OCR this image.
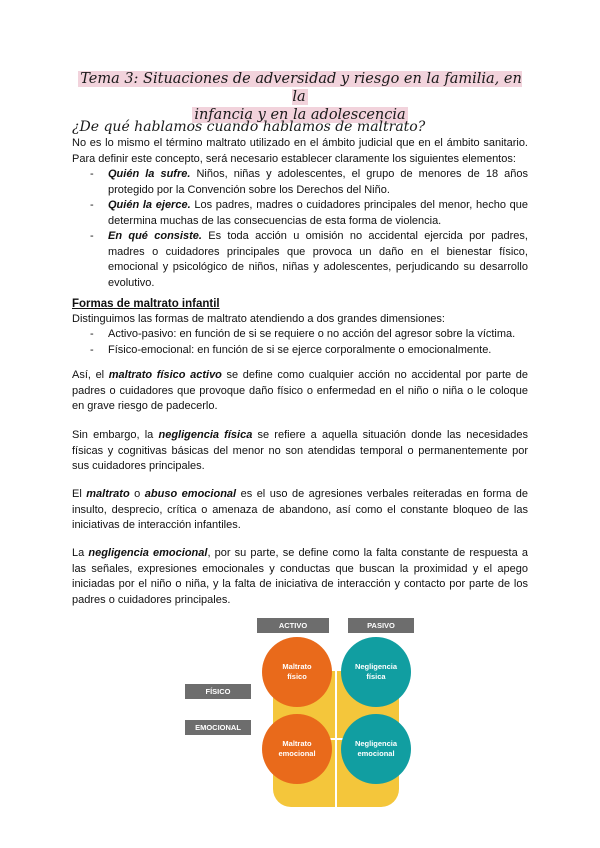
Tema 3: Situaciones de adversidad y riesgo en la familia, en la
infancia y en la adolescencia
¿De qué hablamos cuando hablamos de maltrato?

No es lo mismo el término maltrato utilizado en el ámbito judicial que en el ámbito sanitario. Para definir este concepto, será necesario establecer claramente los siguientes elementos:

- Quién la sufre. Niños, niñas y adolescentes, el grupo de menores de 18 años protegido por la Convención sobre los Derechos del Niño.
- Quién la ejerce. Los padres, madres o cuidadores principales del menor, hecho que determina muchas de las consecuencias de esta forma de violencia.
- En qué consiste. Es toda acción u omisión no accidental ejercida por padres, madres o cuidadores principales que provoca un daño en el bienestar físico, emocional y psicológico de niños, niñas y adolescentes, perjudicando su desarrollo evolutivo.
Formas de maltrato infantil

Distinguimos las formas de maltrato atendiendo a dos grandes dimensiones:

- Activo-pasivo: en función de si se requiere o no acción del agresor sobre la víctima.
- Físico-emocional: en función de si se ejerce corporalmente o emocionalmente.

Así, el maltrato físico activo se define como cualquier acción no accidental por parte de padres o cuidadores que provoque daño físico o enfermedad en el niño o niña o le coloque en grave riesgo de padecerlo.

Sin embargo, la negligencia física se refiere a aquella situación donde las necesidades físicas y cognitivas básicas del menor no son atendidas temporal o permanentemente por sus cuidadores principales.

El maltrato o abuso emocional es el uso de agresiones verbales reiteradas en forma de insulto, desprecio, crítica o amenaza de abandono, así como el constante bloqueo de las iniciativas de interacción infantiles.

La negligencia emocional, por su parte, se define como la falta constante de respuesta a las señales, expresiones emocionales y conductas que buscan la proximidad y el apego iniciadas por el niño o niña, y la falta de iniciativa de interacción y contacto por parte de los padres o cuidadores principales.

ACTIVO	PASIVO
FÍSICO
EMOCIONAL
Maltrato
físico
Negligencia
física
Maltrato
emocional
Negligencia
emocional
